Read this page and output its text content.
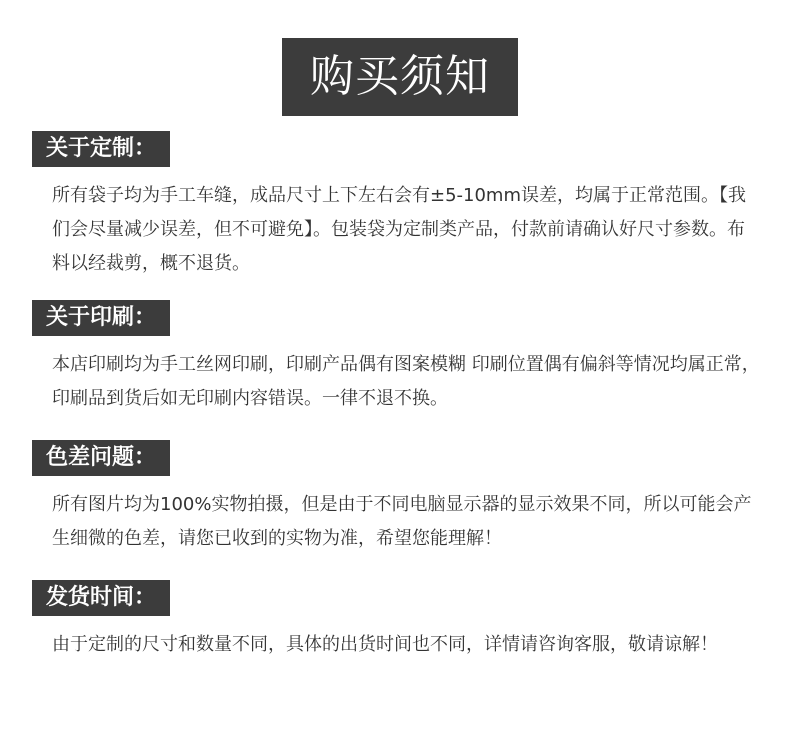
购买须知
关于定制：

所有袋子均为手工车缝，成品尺寸上下左右会有±5-10mm误差，均属于正常范围。【我们会尽量减少误差，但不可避免】。包装袋为定制类产品，付款前请确认好尺寸参数。布料以经裁剪，概不退货。

关于印刷：

本店印刷均为手工丝网印刷，印刷产品偶有图案模糊 印刷位置偶有偏斜等情况均属正常，印刷品到货后如无印刷内容错误。一律不退不换。

色差问题：

所有图片均为100%实物拍摄，但是由于不同电脑显示器的显示效果不同，所以可能会产生细微的色差，请您已收到的实物为准，希望您能理解！

发货时间：

由于定制的尺寸和数量不同，具体的出货时间也不同，详情请咨询客服，敬请谅解！
